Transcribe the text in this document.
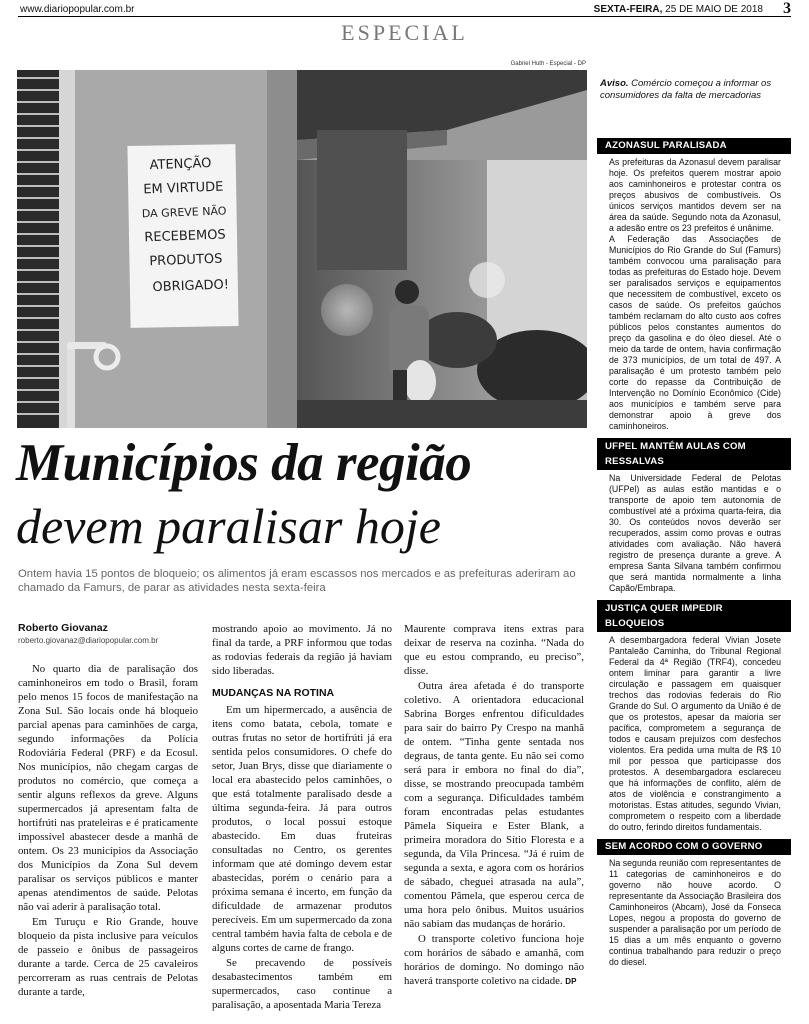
www.diariopopular.com.br	SEXTA-FEIRA, 25 DE MAIO DE 2018 3
ESPECIAL
Gabriel Huth - Especial - DP
ATENÇÃO
EM VIRTUDE
DA GREVE NÃO
RECEBEMOS
PRODUTOS
OBRIGADO!
Aviso. Comércio começou a informar os consumidores da falta de mercadorias
Municípios da região
devem paralisar hoje
Ontem havia 15 pontos de bloqueio; os alimentos já eram escassos nos mercados e as prefeituras aderiram ao chamado da Famurs, de parar as atividades nesta sexta-feira
Roberto Giovanaz
roberto.giovanaz@diariopopular.com.br

No quarto dia de paralisação dos caminhoneiros em todo o Brasil, foram pelo menos 15 focos de manifestação na Zona Sul. São locais onde há bloqueio parcial apenas para caminhões de carga, segundo informações da Polícia Rodoviária Federal (PRF) e da Ecosul. Nos municípios, não chegam cargas de produtos no comércio, que começa a sentir alguns reflexos da greve. Alguns supermercados já apresentam falta de hortifrúti nas prateleiras e é praticamente impossível abastecer desde a manhã de ontem. Os 23 municípios da Associação dos Municípios da Zona Sul devem paralisar os serviços públicos e manter apenas atendimentos de saúde. Pelotas não vai aderir à paralisação total.

Em Turuçu e Rio Grande, houve bloqueio da pista inclusive para veículos de passeio e ônibus de passageiros durante a tarde. Cerca de 25 cavaleiros percorreram as ruas centrais de Pelotas durante a tarde,

mostrando apoio ao movimento. Já no final da tarde, a PRF informou que todas as rodovias federais da região já haviam sido liberadas.

MUDANÇAS NA ROTINA

Em um hipermercado, a ausência de itens como batata, cebola, tomate e outras frutas no setor de hortifrúti já era sentida pelos consumidores. O chefe do setor, Juan Brys, disse que diariamente o local era abastecido pelos caminhões, o que está totalmente paralisado desde a última segunda-feira. Já para outros produtos, o local possui estoque abastecido. Em duas fruteiras consultadas no Centro, os gerentes informam que até domingo devem estar abastecidas, porém o cenário para a próxima semana é incerto, em função da dificuldade de armazenar produtos perecíveis. Em um supermercado da zona central também havia falta de cebola e de alguns cortes de carne de frango.

Se precavendo de possíveis desabastecimentos também em supermercados, caso continue a paralisação, a aposentada Maria Tereza

Maurente comprava itens extras para deixar de reserva na cozinha. “Nada do que eu estou comprando, eu preciso”, disse.

Outra área afetada é do transporte coletivo. A orientadora educacional Sabrina Borges enfrentou dificuldades para sair do bairro Py Crespo na manhã de ontem. “Tinha gente sentada nos degraus, de tanta gente. Eu não sei como será para ir embora no final do dia”, disse, se mostrando preocupada também com a segurança. Dificuldades também foram encontradas pelas estudantes Pâmela Siqueira e Ester Blank, a primeira moradora do Sítio Floresta e a segunda, da Vila Princesa. “Já é ruim de segunda a sexta, e agora com os horários de sábado, cheguei atrasada na aula”, comentou Pâmela, que esperou cerca de uma hora pelo ônibus. Muitos usuários não sabiam das mudanças de horário.

O transporte coletivo funciona hoje com horários de sábado e amanhã, com horários de domingo. No domingo não haverá transporte coletivo na cidade. DP

AZONASUL PARALISADA

As prefeituras da Azonasul devem paralisar hoje. Os prefeitos querem mostrar apoio aos caminhoneiros e protestar contra os preços abusivos de combustíveis. Os únicos serviços mantidos devem ser na área da saúde. Segundo nota da Azonasul, a adesão entre os 23 prefeitos é unânime.

A Federação das Associações de Municípios do Rio Grande do Sul (Famurs) também convocou uma paralisação para todas as prefeituras do Estado hoje. Devem ser paralisados serviços e equipamentos que necessitem de combustível, exceto os casos de saúde. Os prefeitos gaúchos também reclamam do alto custo aos cofres públicos pelos constantes aumentos do preço da gasolina e do óleo diesel. Até o meio da tarde de ontem, havia confirmação de 373 municípios, de um total de 497. A paralisação é um protesto também pelo corte do repasse da Contribuição de Intervenção no Domínio Econômico (Cide) aos municípios e também serve para demonstrar apoio à greve dos caminhoneiros.

UFPEL MANTÉM AULAS COM RESSALVAS

Na Universidade Federal de Pelotas (UFPel) as aulas estão mantidas e o transporte de apoio tem autonomia de combustível até a próxima quarta-feira, dia 30. Os conteúdos novos deverão ser recuperados, assim como provas e outras atividades com avaliação. Não haverá registro de presença durante a greve. A empresa Santa Silvana também confirmou que será mantida normalmente a linha Capão/Embrapa.

JUSTIÇA QUER IMPEDIR BLOQUEIOS

A desembargadora federal Vivian Josete Pantaleão Caminha, do Tribunal Regional Federal da 4ª Região (TRF4), concedeu ontem liminar para garantir a livre circulação e passagem em quaisquer trechos das rodovias federais do Rio Grande do Sul. O argumento da União é de que os protestos, apesar da maioria ser pacífica, comprometem a segurança de todos e causam prejuízos com desfechos violentos. Era pedida uma multa de R$ 10 mil por pessoa que participasse dos protestos. A desembargadora esclareceu que há informações de conflito, além de atos de violência e constrangimento a motoristas. Estas atitudes, segundo Vivian, comprometem o respeito com a liberdade do outro, ferindo direitos fundamentais.

SEM ACORDO COM O GOVERNO

Na segunda reunião com representantes de 11 categorias de caminhoneiros e do governo não houve acordo. O representante da Associação Brasileira dos Caminhoneiros (Abcam), José da Fonseca Lopes, negou a proposta do governo de suspender a paralisação por um período de 15 dias a um mês enquanto o governo continua trabalhando para reduzir o preço do diesel.
